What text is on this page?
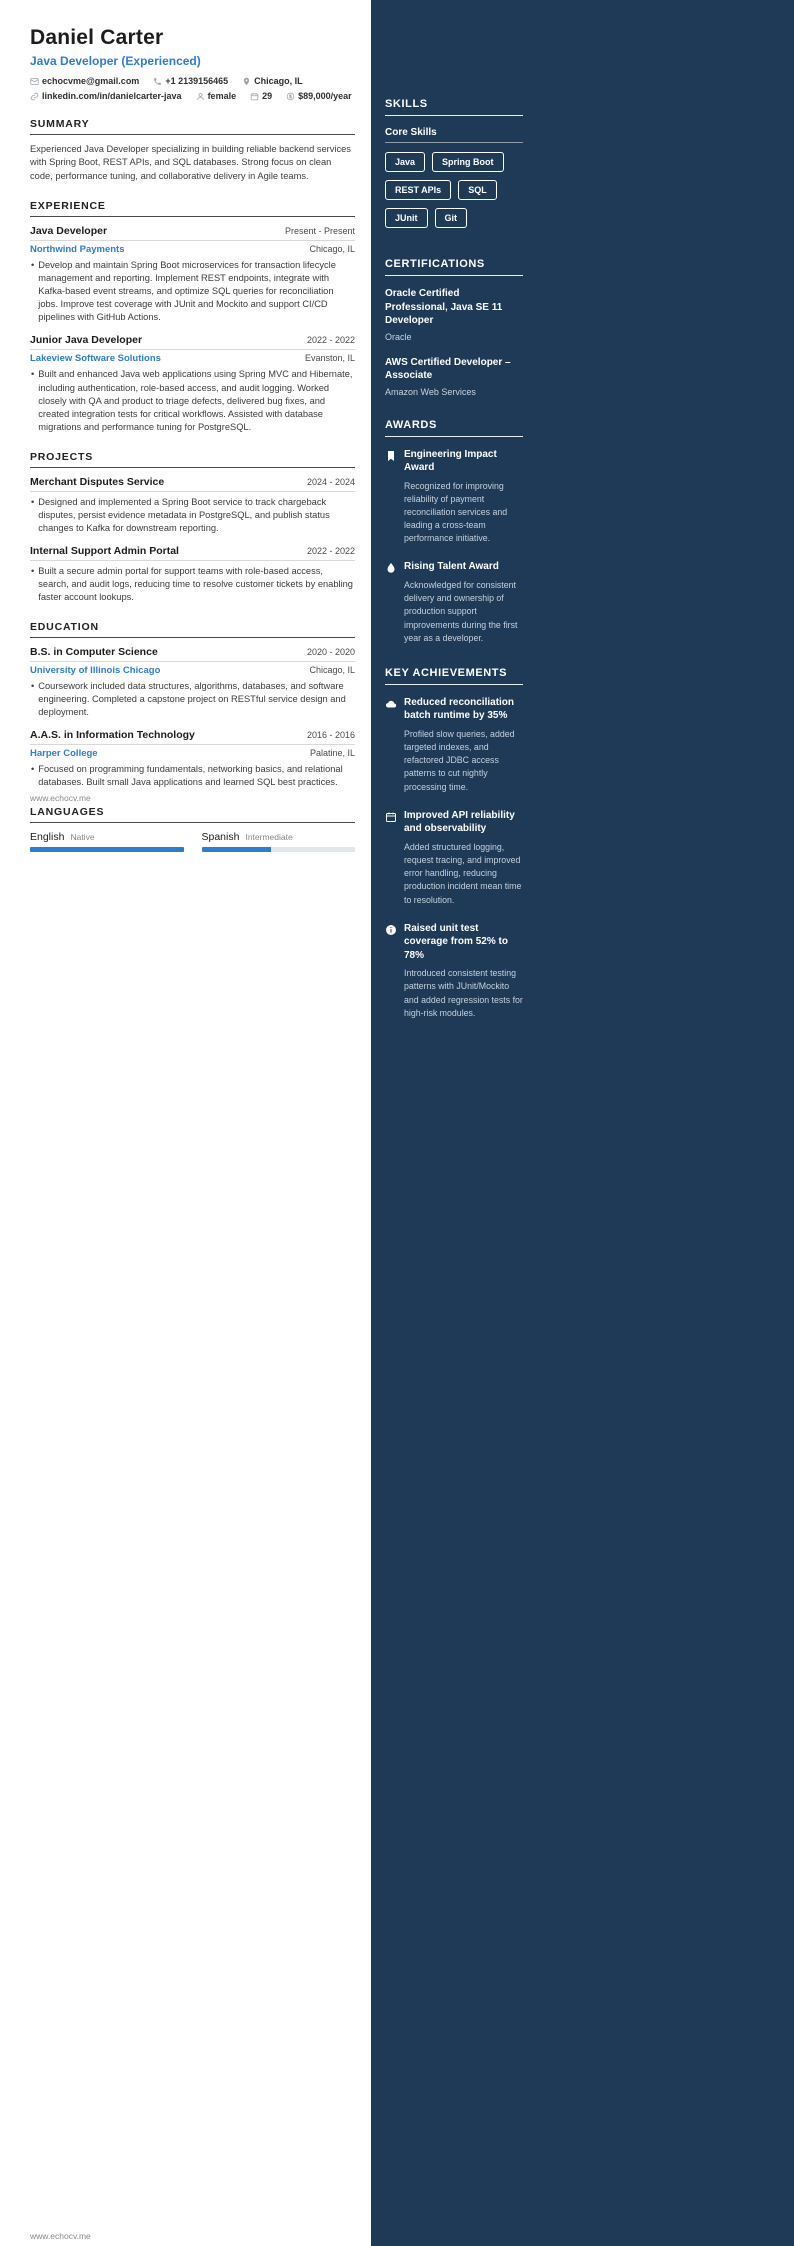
Daniel Carter
Java Developer (Experienced)
echocvme@gmail.com	+1 2139156465	Chicago, IL
linkedin.com/in/danielcarter-java	female	29	$89,000/year
SUMMARY

Experienced Java Developer specializing in building reliable backend services with Spring Boot, REST APIs, and SQL databases. Strong focus on clean code, performance tuning, and collaborative delivery in Agile teams.

EXPERIENCE
Java Developer	Present - Present
Northwind Payments	Chicago, IL
• Develop and maintain Spring Boot microservices for transaction lifecycle management and reporting. Implement REST endpoints, integrate with Kafka-based event streams, and optimize SQL queries for reconciliation jobs. Improve test coverage with JUnit and Mockito and support CI/CD pipelines with GitHub Actions.
Junior Java Developer	2022 - 2022
Lakeview Software Solutions	Evanston, IL
• Built and enhanced Java web applications using Spring MVC and Hibernate, including authentication, role-based access, and audit logging. Worked closely with QA and product to triage defects, delivered bug fixes, and created integration tests for critical workflows. Assisted with database migrations and performance tuning for PostgreSQL.
PROJECTS
Merchant Disputes Service	2024 - 2024
• Designed and implemented a Spring Boot service to track chargeback disputes, persist evidence metadata in PostgreSQL, and publish status changes to Kafka for downstream reporting.
Internal Support Admin Portal	2022 - 2022
• Built a secure admin portal for support teams with role-based access, search, and audit logs, reducing time to resolve customer tickets by enabling faster account lookups.
EDUCATION
B.S. in Computer Science	2020 - 2020
University of Illinois Chicago	Chicago, IL
• Coursework included data structures, algorithms, databases, and software engineering. Completed a capstone project on RESTful service design and deployment.
A.A.S. in Information Technology	2016 - 2016
Harper College	Palatine, IL
• Focused on programming fundamentals, networking basics, and relational databases. Built small Java applications and learned SQL best practices.
LANGUAGES
English Native	Spanish Intermediate
SKILLS
Core Skills
Java	Spring Boot
REST APIs	SQL
JUnit	Git
CERTIFICATIONS
Oracle Certified Professional, Java SE 11 Developer
Oracle
AWS Certified Developer – Associate
Amazon Web Services
AWARDS
Engineering Impact Award
Recognized for improving reliability of payment reconciliation services and leading a cross-team performance initiative.
Rising Talent Award
Acknowledged for consistent delivery and ownership of production support improvements during the first year as a developer.
KEY ACHIEVEMENTS
Reduced reconciliation batch runtime by 35%
Profiled slow queries, added targeted indexes, and refactored JDBC access patterns to cut nightly processing time.
Improved API reliability and observability
Added structured logging, request tracing, and improved error handling, reducing production incident mean time to resolution.
Raised unit test coverage from 52% to 78%
Introduced consistent testing patterns with JUnit/Mockito and added regression tests for high-risk modules.
www.echocv.me
www.echocv.me
